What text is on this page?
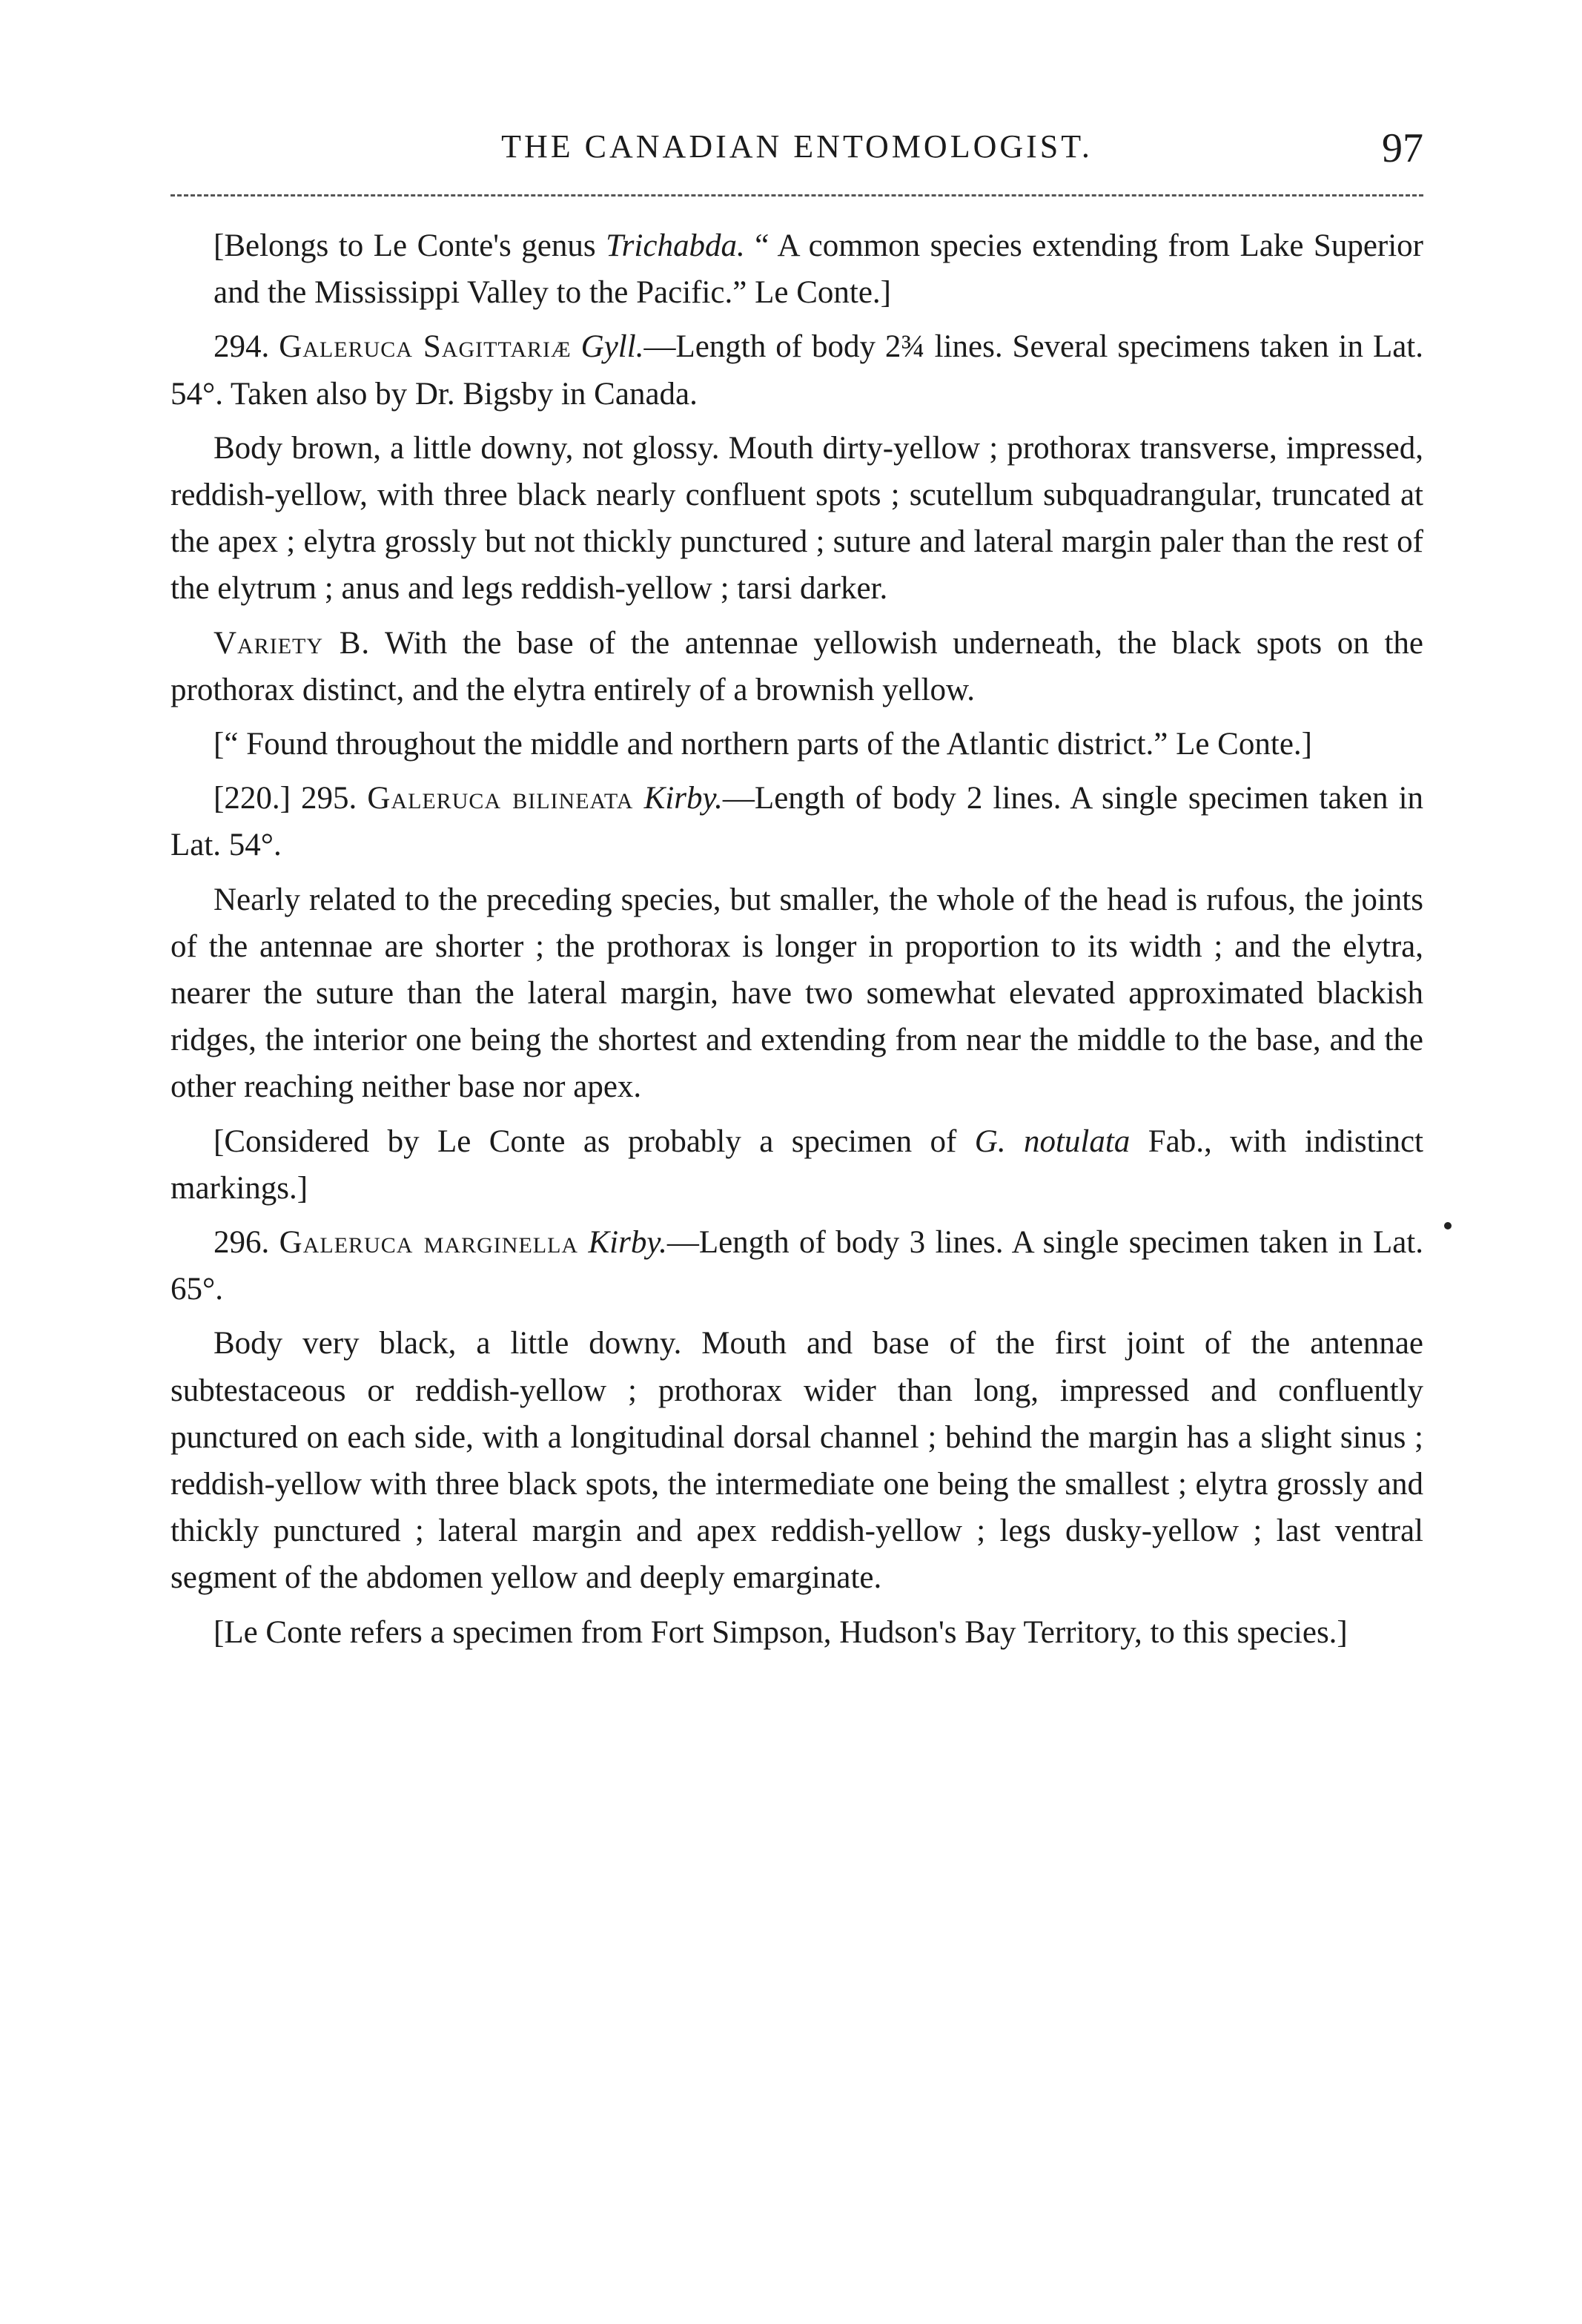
THE CANADIAN ENTOMOLOGIST.	97

[Belongs to Le Conte's genus Trichabda. “ A common species extending from Lake Superior and the Mississippi Valley to the Pacific.” Le Conte.]

294. Galeruca Sagittariæ Gyll.—Length of body 2¾ lines. Several specimens taken in Lat. 54°. Taken also by Dr. Bigsby in Canada.

Body brown, a little downy, not glossy. Mouth dirty-yellow ; prothorax transverse, impressed, reddish-yellow, with three black nearly confluent spots ; scutellum subquadrangular, truncated at the apex ; elytra grossly but not thickly punctured ; suture and lateral margin paler than the rest of the elytrum ; anus and legs reddish-yellow ; tarsi darker.

Variety B. With the base of the antennae yellowish underneath, the black spots on the prothorax distinct, and the elytra entirely of a brownish yellow.

[“ Found throughout the middle and northern parts of the Atlantic district.” Le Conte.]

[220.] 295. Galeruca bilineata Kirby.—Length of body 2 lines. A single specimen taken in Lat. 54°.

Nearly related to the preceding species, but smaller, the whole of the head is rufous, the joints of the antennae are shorter ; the prothorax is longer in proportion to its width ; and the elytra, nearer the suture than the lateral margin, have two somewhat elevated approximated blackish ridges, the interior one being the shortest and extending from near the middle to the base, and the other reaching neither base nor apex.

[Considered by Le Conte as probably a specimen of G. notulata Fab., with indistinct markings.]

296. Galeruca marginella Kirby.—Length of body 3 lines. A single specimen taken in Lat. 65°.

Body very black, a little downy. Mouth and base of the first joint of the antennae subtestaceous or reddish-yellow ; prothorax wider than long, impressed and confluently punctured on each side, with a longitudinal dorsal channel ; behind the margin has a slight sinus ; reddish-yellow with three black spots, the intermediate one being the smallest ; elytra grossly and thickly punctured ; lateral margin and apex reddish-yellow ; legs dusky-yellow ; last ventral segment of the abdomen yellow and deeply emarginate.

[Le Conte refers a specimen from Fort Simpson, Hudson's Bay Territory, to this species.]
